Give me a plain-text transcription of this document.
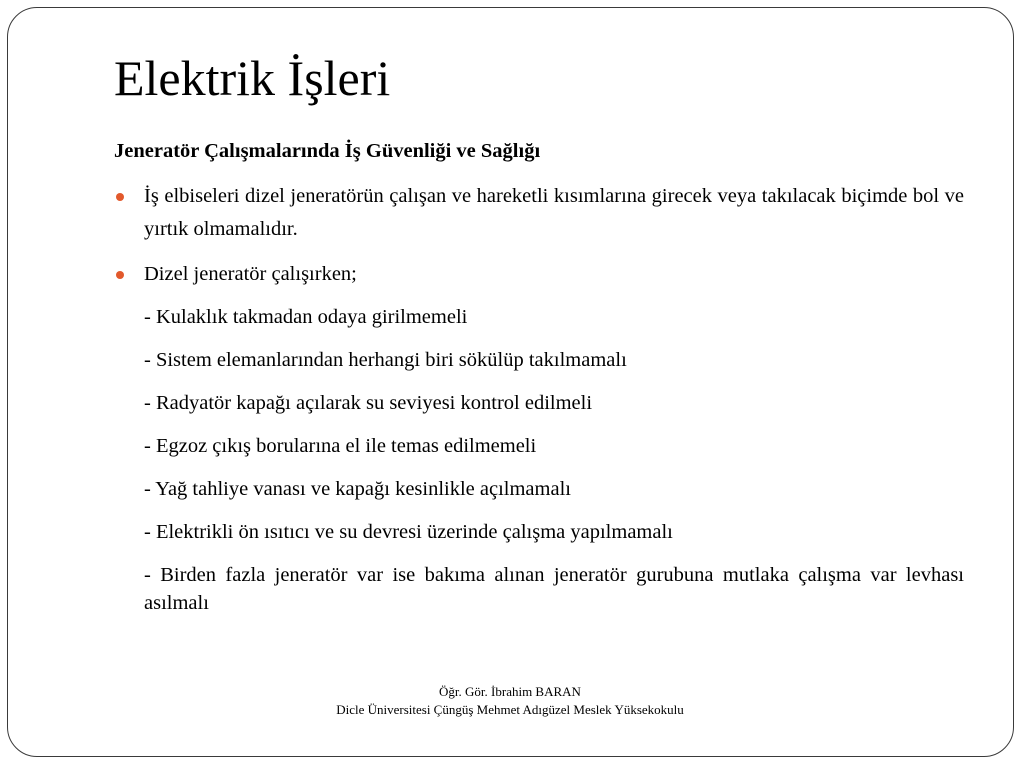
Elektrik İşleri
Jeneratör Çalışmalarında İş Güvenliği ve Sağlığı
İş elbiseleri dizel jeneratörün çalışan ve hareketli kısımlarına girecek veya takılacak biçimde bol ve yırtık olmamalıdır.
Dizel jeneratör çalışırken;
- Kulaklık takmadan odaya girilmemeli
- Sistem elemanlarından herhangi biri sökülüp takılmamalı
- Radyatör kapağı açılarak su seviyesi kontrol edilmeli
- Egzoz çıkış borularına el ile temas edilmemeli
- Yağ tahliye vanası ve kapağı kesinlikle açılmamalı
- Elektrikli ön ısıtıcı ve su devresi üzerinde çalışma yapılmamalı
- Birden fazla jeneratör var ise bakıma alınan jeneratör gurubuna mutlaka çalışma var levhası asılmalı
Öğr. Gör. İbrahim BARAN
Dicle Üniversitesi Çüngüş Mehmet Adıgüzel Meslek Yüksekokulu
